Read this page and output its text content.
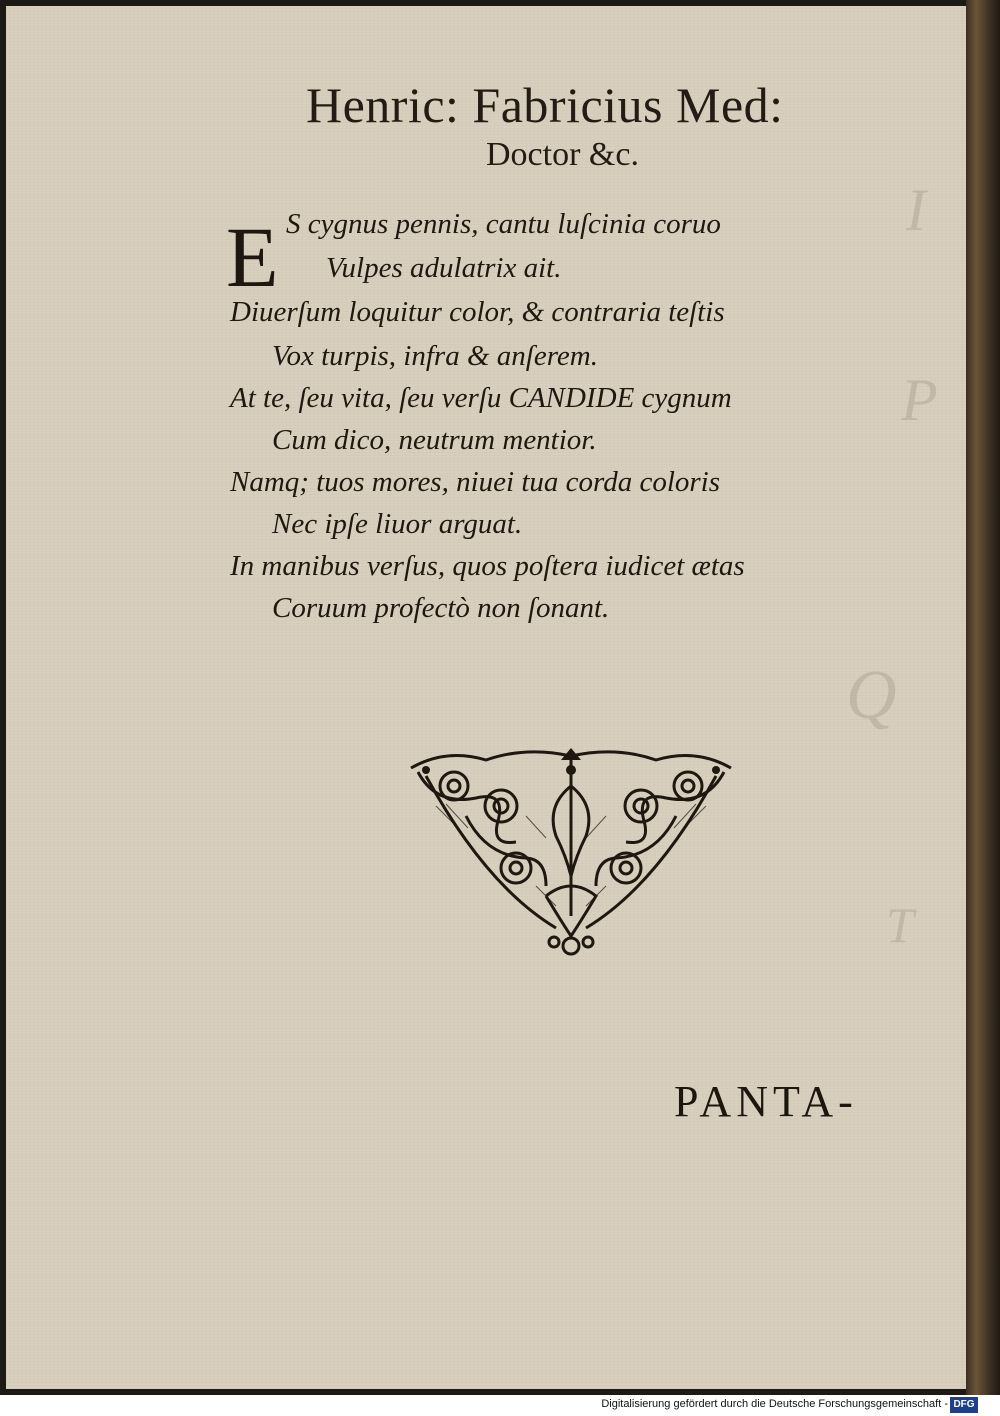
I
P
Q
T
Henric: Fabricius Med:
Doctor &c.
E S cygnus pennis, cantu luſcinia coruo
Vulpes adulatrix ait.
Diuerſum loquitur color, & contraria teſtis
Vox turpis, infra & anſerem.
At te, ſeu vita, ſeu verſu CANDIDE cygnum
Cum dico, neutrum mentior.
Namq; tuos mores, niuei tua corda coloris
Nec ipſe liuor arguat.
In manibus verſus, quos poſtera iudicet ætas
Coruum profectò non ſonant.
PANTA-
Digitalisierung gefördert durch die Deutsche Forschungsgemeinschaft - DFG
